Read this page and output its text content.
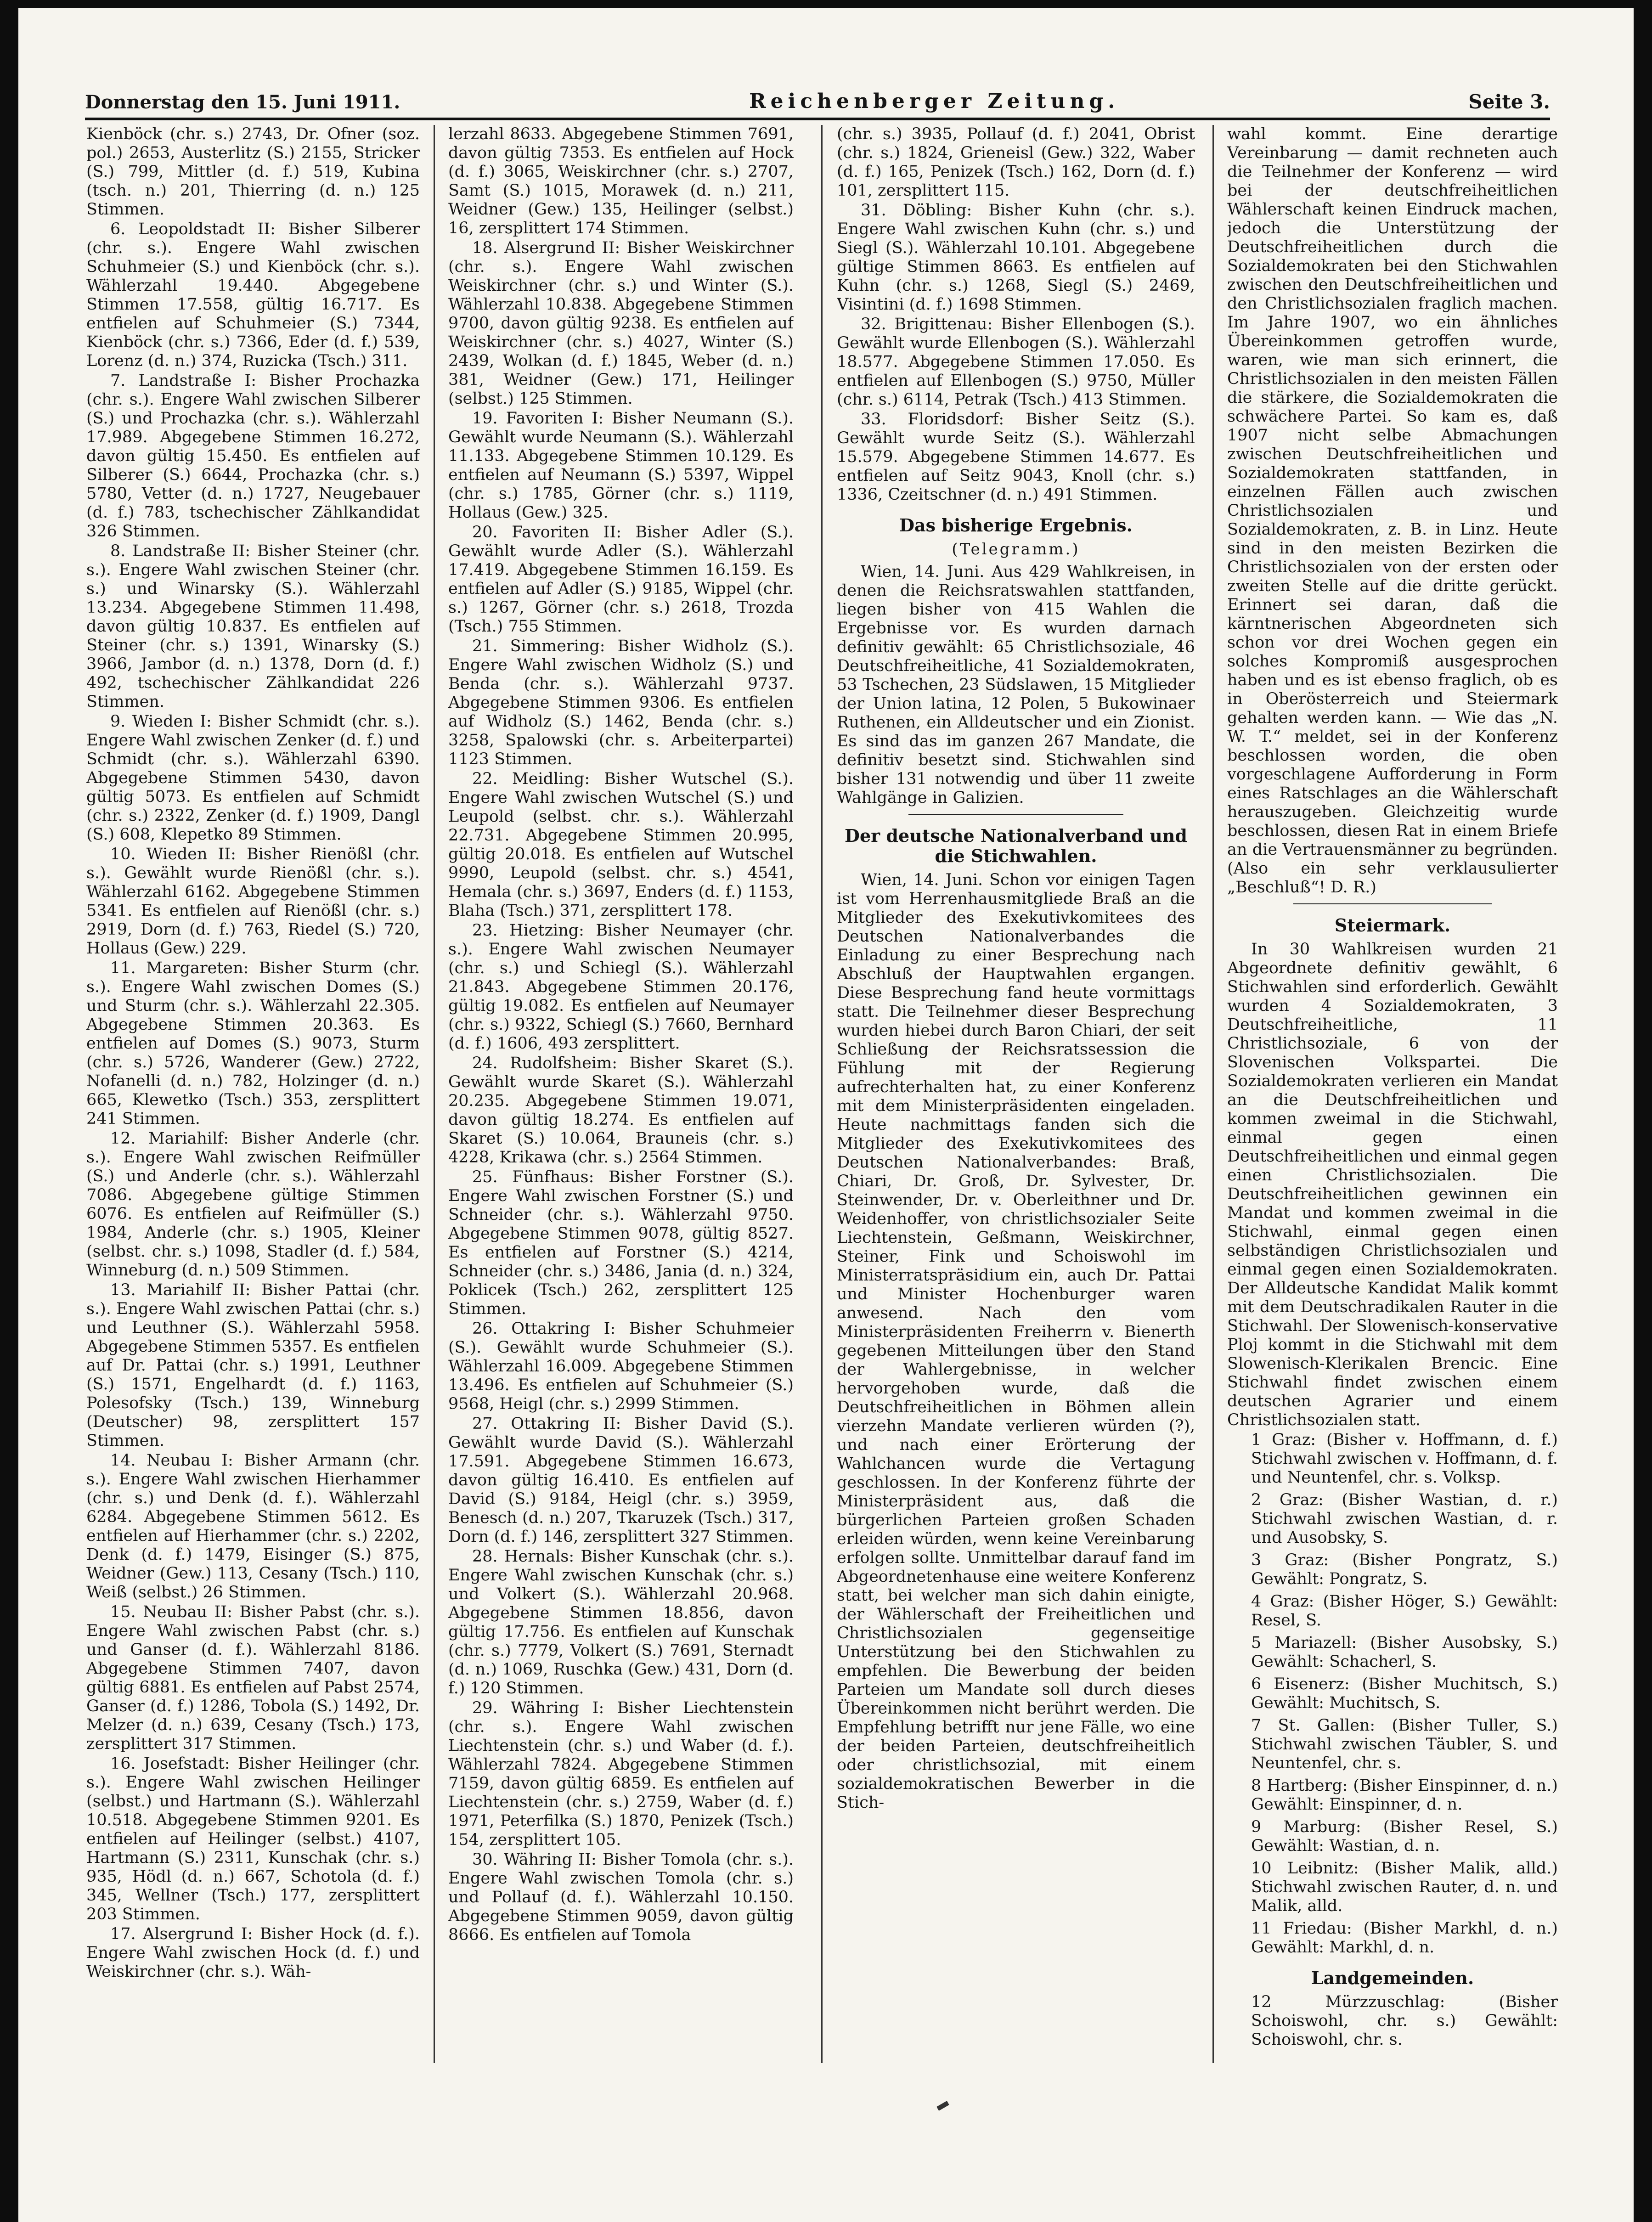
Donnerstag den 15. Juni 1911.	Reichenberger Zeitung.	Seite 3.

Kienböck (chr. s.) 2743, Dr. Ofner (soz. pol.) 2653, Austerlitz (S.) 2155, Stricker (S.) 799, Mittler (d. f.) 519, Kubina (tsch. n.) 201, Thierring (d. n.) 125 Stimmen.

6. Leopoldstadt II: Bisher Silberer (chr. s.). Engere Wahl zwischen Schuhmeier (S.) und Kienböck (chr. s.). Wählerzahl 19.440. Abgegebene Stimmen 17.558, gültig 16.717. Es entfielen auf Schuhmeier (S.) 7344, Kienböck (chr. s.) 7366, Eder (d. f.) 539, Lorenz (d. n.) 374, Ruzicka (Tsch.) 311.

7. Landstraße I: Bisher Prochazka (chr. s.). Engere Wahl zwischen Silberer (S.) und Prochazka (chr. s.). Wählerzahl 17.989. Abgegebene Stimmen 16.272, davon gültig 15.450. Es entfielen auf Silberer (S.) 6644, Prochazka (chr. s.) 5780, Vetter (d. n.) 1727, Neugebauer (d. f.) 783, tschechischer Zählkandidat 326 Stimmen.

8. Landstraße II: Bisher Steiner (chr. s.). Engere Wahl zwischen Steiner (chr. s.) und Winarsky (S.). Wählerzahl 13.234. Abgegebene Stimmen 11.498, davon gültig 10.837. Es entfielen auf Steiner (chr. s.) 1391, Winarsky (S.) 3966, Jambor (d. n.) 1378, Dorn (d. f.) 492, tschechischer Zählkandidat 226 Stimmen.

9. Wieden I: Bisher Schmidt (chr. s.). Engere Wahl zwischen Zenker (d. f.) und Schmidt (chr. s.). Wählerzahl 6390. Abgegebene Stimmen 5430, davon gültig 5073. Es entfielen auf Schmidt (chr. s.) 2322, Zenker (d. f.) 1909, Dangl (S.) 608, Klepetko 89 Stimmen.

10. Wieden II: Bisher Rienößl (chr. s.). Gewählt wurde Rienößl (chr. s.). Wählerzahl 6162. Abgegebene Stimmen 5341. Es entfielen auf Rienößl (chr. s.) 2919, Dorn (d. f.) 763, Riedel (S.) 720, Hollaus (Gew.) 229.

11. Margareten: Bisher Sturm (chr. s.). Engere Wahl zwischen Domes (S.) und Sturm (chr. s.). Wählerzahl 22.305. Abgegebene Stimmen 20.363. Es entfielen auf Domes (S.) 9073, Sturm (chr. s.) 5726, Wanderer (Gew.) 2722, Nofanelli (d. n.) 782, Holzinger (d. n.) 665, Klewetko (Tsch.) 353, zersplittert 241 Stimmen.

12. Mariahilf: Bisher Anderle (chr. s.). Engere Wahl zwischen Reifmüller (S.) und Anderle (chr. s.). Wählerzahl 7086. Abgegebene gültige Stimmen 6076. Es entfielen auf Reifmüller (S.) 1984, Anderle (chr. s.) 1905, Kleiner (selbst. chr. s.) 1098, Stadler (d. f.) 584, Winneburg (d. n.) 509 Stimmen.

13. Mariahilf II: Bisher Pattai (chr. s.). Engere Wahl zwischen Pattai (chr. s.) und Leuthner (S.). Wählerzahl 5958. Abgegebene Stimmen 5357. Es entfielen auf Dr. Pattai (chr. s.) 1991, Leuthner (S.) 1571, Engelhardt (d. f.) 1163, Polesofsky (Tsch.) 139, Winneburg (Deutscher) 98, zersplittert 157 Stimmen.

14. Neubau I: Bisher Armann (chr. s.). Engere Wahl zwischen Hierhammer (chr. s.) und Denk (d. f.). Wählerzahl 6284. Abgegebene Stimmen 5612. Es entfielen auf Hierhammer (chr. s.) 2202, Denk (d. f.) 1479, Eisinger (S.) 875, Weidner (Gew.) 113, Cesany (Tsch.) 110, Weiß (selbst.) 26 Stimmen.

15. Neubau II: Bisher Pabst (chr. s.). Engere Wahl zwischen Pabst (chr. s.) und Ganser (d. f.). Wählerzahl 8186. Abgegebene Stimmen 7407, davon gültig 6881. Es entfielen auf Pabst 2574, Ganser (d. f.) 1286, Tobola (S.) 1492, Dr. Melzer (d. n.) 639, Cesany (Tsch.) 173, zersplittert 317 Stimmen.

16. Josefstadt: Bisher Heilinger (chr. s.). Engere Wahl zwischen Heilinger (selbst.) und Hartmann (S.). Wählerzahl 10.518. Abgegebene Stimmen 9201. Es entfielen auf Heilinger (selbst.) 4107, Hartmann (S.) 2311, Kunschak (chr. s.) 935, Hödl (d. n.) 667, Schotola (d. f.) 345, Wellner (Tsch.) 177, zersplittert 203 Stimmen.

17. Alsergrund I: Bisher Hock (d. f.). Engere Wahl zwischen Hock (d. f.) und Weiskirchner (chr. s.). Wäh-

lerzahl 8633. Abgegebene Stimmen 7691, davon gültig 7353. Es entfielen auf Hock (d. f.) 3065, Weiskirchner (chr. s.) 2707, Samt (S.) 1015, Morawek (d. n.) 211, Weidner (Gew.) 135, Heilinger (selbst.) 16, zersplittert 174 Stimmen.

18. Alsergrund II: Bisher Weiskirchner (chr. s.). Engere Wahl zwischen Weiskirchner (chr. s.) und Winter (S.). Wählerzahl 10.838. Abgegebene Stimmen 9700, davon gültig 9238. Es entfielen auf Weiskirchner (chr. s.) 4027, Winter (S.) 2439, Wolkan (d. f.) 1845, Weber (d. n.) 381, Weidner (Gew.) 171, Heilinger (selbst.) 125 Stimmen.

19. Favoriten I: Bisher Neumann (S.). Gewählt wurde Neumann (S.). Wählerzahl 11.133. Abgegebene Stimmen 10.129. Es entfielen auf Neumann (S.) 5397, Wippel (chr. s.) 1785, Görner (chr. s.) 1119, Hollaus (Gew.) 325.

20. Favoriten II: Bisher Adler (S.). Gewählt wurde Adler (S.). Wählerzahl 17.419. Abgegebene Stimmen 16.159. Es entfielen auf Adler (S.) 9185, Wippel (chr. s.) 1267, Görner (chr. s.) 2618, Trozda (Tsch.) 755 Stimmen.

21. Simmering: Bisher Widholz (S.). Engere Wahl zwischen Widholz (S.) und Benda (chr. s.). Wählerzahl 9737. Abgegebene Stimmen 9306. Es entfielen auf Widholz (S.) 1462, Benda (chr. s.) 3258, Spalowski (chr. s. Arbeiterpartei) 1123 Stimmen.

22. Meidling: Bisher Wutschel (S.). Engere Wahl zwischen Wutschel (S.) und Leupold (selbst. chr. s.). Wählerzahl 22.731. Abgegebene Stimmen 20.995, gültig 20.018. Es entfielen auf Wutschel 9990, Leupold (selbst. chr. s.) 4541, Hemala (chr. s.) 3697, Enders (d. f.) 1153, Blaha (Tsch.) 371, zersplittert 178.

23. Hietzing: Bisher Neumayer (chr. s.). Engere Wahl zwischen Neumayer (chr. s.) und Schiegl (S.). Wählerzahl 21.843. Abgegebene Stimmen 20.176, gültig 19.082. Es entfielen auf Neumayer (chr. s.) 9322, Schiegl (S.) 7660, Bernhard (d. f.) 1606, 493 zersplittert.

24. Rudolfsheim: Bisher Skaret (S.). Gewählt wurde Skaret (S.). Wählerzahl 20.235. Abgegebene Stimmen 19.071, davon gültig 18.274. Es entfielen auf Skaret (S.) 10.064, Brauneis (chr. s.) 4228, Krikawa (chr. s.) 2564 Stimmen.

25. Fünfhaus: Bisher Forstner (S.). Engere Wahl zwischen Forstner (S.) und Schneider (chr. s.). Wählerzahl 9750. Abgegebene Stimmen 9078, gültig 8527. Es entfielen auf Forstner (S.) 4214, Schneider (chr. s.) 3486, Jania (d. n.) 324, Poklicek (Tsch.) 262, zersplittert 125 Stimmen.

26. Ottakring I: Bisher Schuhmeier (S.). Gewählt wurde Schuhmeier (S.). Wählerzahl 16.009. Abgegebene Stimmen 13.496. Es entfielen auf Schuhmeier (S.) 9568, Heigl (chr. s.) 2999 Stimmen.

27. Ottakring II: Bisher David (S.). Gewählt wurde David (S.). Wählerzahl 17.591. Abgegebene Stimmen 16.673, davon gültig 16.410. Es entfielen auf David (S.) 9184, Heigl (chr. s.) 3959, Benesch (d. n.) 207, Tkaruzek (Tsch.) 317, Dorn (d. f.) 146, zersplittert 327 Stimmen.

28. Hernals: Bisher Kunschak (chr. s.). Engere Wahl zwischen Kunschak (chr. s.) und Volkert (S.). Wählerzahl 20.968. Abgegebene Stimmen 18.856, davon gültig 17.756. Es entfielen auf Kunschak (chr. s.) 7779, Volkert (S.) 7691, Sternadt (d. n.) 1069, Ruschka (Gew.) 431, Dorn (d. f.) 120 Stimmen.

29. Währing I: Bisher Liechtenstein (chr. s.). Engere Wahl zwischen Liechtenstein (chr. s.) und Waber (d. f.). Wählerzahl 7824. Abgegebene Stimmen 7159, davon gültig 6859. Es entfielen auf Liechtenstein (chr. s.) 2759, Waber (d. f.) 1971, Peterfilka (S.) 1870, Penizek (Tsch.) 154, zersplittert 105.

30. Währing II: Bisher Tomola (chr. s.). Engere Wahl zwischen Tomola (chr. s.) und Pollauf (d. f.). Wählerzahl 10.150. Abgegebene Stimmen 9059, davon gültig 8666. Es entfielen auf Tomola

(chr. s.) 3935, Pollauf (d. f.) 2041, Obrist (chr. s.) 1824, Grieneisl (Gew.) 322, Waber (d. f.) 165, Penizek (Tsch.) 162, Dorn (d. f.) 101, zersplittert 115.

31. Döbling: Bisher Kuhn (chr. s.). Engere Wahl zwischen Kuhn (chr. s.) und Siegl (S.). Wählerzahl 10.101. Abgegebene gültige Stimmen 8663. Es entfielen auf Kuhn (chr. s.) 1268, Siegl (S.) 2469, Visintini (d. f.) 1698 Stimmen.

32. Brigittenau: Bisher Ellenbogen (S.). Gewählt wurde Ellenbogen (S.). Wählerzahl 18.577. Abgegebene Stimmen 17.050. Es entfielen auf Ellenbogen (S.) 9750, Müller (chr. s.) 6114, Petrak (Tsch.) 413 Stimmen.

33. Floridsdorf: Bisher Seitz (S.). Gewählt wurde Seitz (S.). Wählerzahl 15.579. Abgegebene Stimmen 14.677. Es entfielen auf Seitz 9043, Knoll (chr. s.) 1336, Czeitschner (d. n.) 491 Stimmen.

Das bisherige Ergebnis.
(Telegramm.)

Wien, 14. Juni. Aus 429 Wahlkreisen, in denen die Reichsratswahlen stattfanden, liegen bisher von 415 Wahlen die Ergebnisse vor. Es wurden darnach definitiv gewählt: 65 Christlichsoziale, 46 Deutschfreiheitliche, 41 Sozialdemokraten, 53 Tschechen, 23 Südslawen, 15 Mitglieder der Union latina, 12 Polen, 5 Bukowinaer Ruthenen, ein Alldeutscher und ein Zionist. Es sind das im ganzen 267 Mandate, die definitiv besetzt sind. Stichwahlen sind bisher 131 notwendig und über 11 zweite Wahlgänge in Galizien.

Der deutsche Nationalverband und die Stichwahlen.

Wien, 14. Juni. Schon vor einigen Tagen ist vom Herrenhausmitgliede Braß an die Mitglieder des Exekutivkomitees des Deutschen Nationalverbandes die Einladung zu einer Besprechung nach Abschluß der Hauptwahlen ergangen. Diese Besprechung fand heute vormittags statt. Die Teilnehmer dieser Besprechung wurden hiebei durch Baron Chiari, der seit Schließung der Reichsratssession die Fühlung mit der Regierung aufrechterhalten hat, zu einer Konferenz mit dem Ministerpräsidenten eingeladen. Heute nachmittags fanden sich die Mitglieder des Exekutivkomitees des Deutschen Nationalverbandes: Braß, Chiari, Dr. Groß, Dr. Sylvester, Dr. Steinwender, Dr. v. Oberleithner und Dr. Weidenhoffer, von christlichsozialer Seite Liechtenstein, Geßmann, Weiskirchner, Steiner, Fink und Schoiswohl im Ministerratspräsidium ein, auch Dr. Pattai und Minister Hochenburger waren anwesend. Nach den vom Ministerpräsidenten Freiherrn v. Bienerth gegebenen Mitteilungen über den Stand der Wahlergebnisse, in welcher hervorgehoben wurde, daß die Deutschfreiheitlichen in Böhmen allein vierzehn Mandate verlieren würden (?), und nach einer Erörterung der Wahlchancen wurde die Vertagung geschlossen. In der Konferenz führte der Ministerpräsident aus, daß die bürgerlichen Parteien großen Schaden erleiden würden, wenn keine Vereinbarung erfolgen sollte. Unmittelbar darauf fand im Abgeordnetenhause eine weitere Konferenz statt, bei welcher man sich dahin einigte, der Wählerschaft der Freiheitlichen und Christlichsozialen gegenseitige Unterstützung bei den Stichwahlen zu empfehlen. Die Bewerbung der beiden Parteien um Mandate soll durch dieses Übereinkommen nicht berührt werden. Die Empfehlung betrifft nur jene Fälle, wo eine der beiden Parteien, deutschfreiheitlich oder christlichsozial, mit einem sozialdemokratischen Bewerber in die Stich-

wahl kommt. Eine derartige Vereinbarung — damit rechneten auch die Teilnehmer der Konferenz — wird bei der deutschfreiheitlichen Wählerschaft keinen Eindruck machen, jedoch die Unterstützung der Deutschfreiheitlichen durch die Sozialdemokraten bei den Stichwahlen zwischen den Deutschfreiheitlichen und den Christlichsozialen fraglich machen. Im Jahre 1907, wo ein ähnliches Übereinkommen getroffen wurde, waren, wie man sich erinnert, die Christlichsozialen in den meisten Fällen die stärkere, die Sozialdemokraten die schwächere Partei. So kam es, daß 1907 nicht selbe Abmachungen zwischen Deutschfreiheitlichen und Sozialdemokraten stattfanden, in einzelnen Fällen auch zwischen Christlichsozialen und Sozialdemokraten, z. B. in Linz. Heute sind in den meisten Bezirken die Christlichsozialen von der ersten oder zweiten Stelle auf die dritte gerückt. Erinnert sei daran, daß die kärntnerischen Abgeordneten sich schon vor drei Wochen gegen ein solches Kompromiß ausgesprochen haben und es ist ebenso fraglich, ob es in Oberösterreich und Steiermark gehalten werden kann. — Wie das „N. W. T.“ meldet, sei in der Konferenz beschlossen worden, die oben vorgeschlagene Aufforderung in Form eines Ratschlages an die Wählerschaft herauszugeben. Gleichzeitig wurde beschlossen, diesen Rat in einem Briefe an die Vertrauensmänner zu begründen. (Also ein sehr verklausulierter „Beschluß“! D. R.)

Steiermark.

In 30 Wahlkreisen wurden 21 Abgeordnete definitiv gewählt, 6 Stichwahlen sind erforderlich. Gewählt wurden 4 Sozialdemokraten, 3 Deutschfreiheitliche, 11 Christlichsoziale, 6 von der Slovenischen Volkspartei. Die Sozialdemokraten verlieren ein Mandat an die Deutschfreiheitlichen und kommen zweimal in die Stichwahl, einmal gegen einen Deutschfreiheitlichen und einmal gegen einen Christlichsozialen. Die Deutschfreiheitlichen gewinnen ein Mandat und kommen zweimal in die Stichwahl, einmal gegen einen selbständigen Christlichsozialen und einmal gegen einen Sozialdemokraten. Der Alldeutsche Kandidat Malik kommt mit dem Deutschradikalen Rauter in die Stichwahl. Der Slowenisch-konservative Ploj kommt in die Stichwahl mit dem Slowenisch-Klerikalen Brencic. Eine Stichwahl findet zwischen einem deutschen Agrarier und einem Christlichsozialen statt.

1 Graz: (Bisher v. Hoffmann, d. f.) Stichwahl zwischen v. Hoffmann, d. f. und Neuntenfel, chr. s. Volksp.

2 Graz: (Bisher Wastian, d. r.) Stichwahl zwischen Wastian, d. r. und Ausobsky, S.

3 Graz: (Bisher Pongratz, S.) Gewählt: Pongratz, S.

4 Graz: (Bisher Höger, S.) Gewählt: Resel, S.

5 Mariazell: (Bisher Ausobsky, S.) Gewählt: Schacherl, S.

6 Eisenerz: (Bisher Muchitsch, S.) Gewählt: Muchitsch, S.

7 St. Gallen: (Bisher Tuller, S.) Stichwahl zwischen Täubler, S. und Neuntenfel, chr. s.

8 Hartberg: (Bisher Einspinner, d. n.) Gewählt: Einspinner, d. n.

9 Marburg: (Bisher Resel, S.) Gewählt: Wastian, d. n.

10 Leibnitz: (Bisher Malik, alld.) Stichwahl zwischen Rauter, d. n. und Malik, alld.

11 Friedau: (Bisher Markhl, d. n.) Gewählt: Markhl, d. n.

Landgemeinden.

12 Mürzzuschlag: (Bisher Schoiswohl, chr. s.) Gewählt: Schoiswohl, chr. s.
